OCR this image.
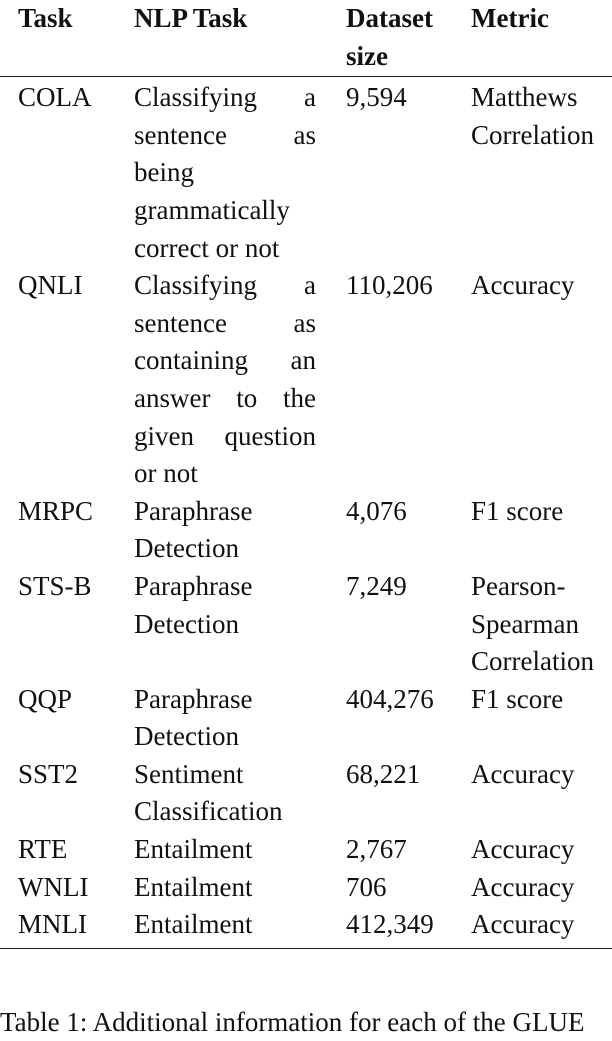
Task	NLP Task	Dataset size	Metric
COLA	Classifying a sentence as being grammatically correct or not	9,594	Matthews Correlation

QNLI	Classifying a sentence as containing an answer to the given question or not	110,206	Accuracy

MRPC	Paraphrase Detection	4,076	F1 score

STS-B	Paraphrase Detection	7,249	Pearson-Spearman Correlation

QQP	Paraphrase Detection	404,276	F1 score

SST2	Sentiment Classification	68,221	Accuracy

RTE	Entailment	2,767	Accuracy

WNLI	Entailment	706	Accuracy

MNLI	Entailment	412,349	Accuracy
Table 1: Additional information for each of the GLUE
